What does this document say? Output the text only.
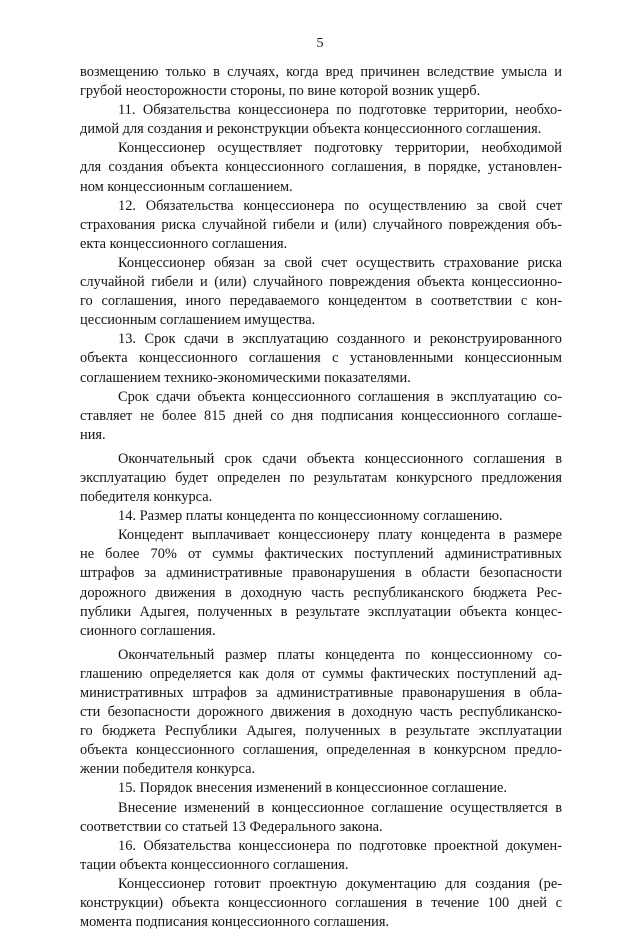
5
возмещению только в случаях, когда вред причинен вследствие умысла и
грубой неосторожности стороны, по вине которой возник ущерб.
11. Обязательства концессионера по подготовке территории, необхо-
димой для создания и реконструкции объекта концессионного соглашения.
Концессионер осуществляет подготовку территории, необходимой
для создания объекта концессионного соглашения, в порядке, установлен-
ном концессионным соглашением.
12. Обязательства концессионера по осуществлению за свой счет
страхования риска случайной гибели и (или) случайного повреждения объ-
екта концессионного соглашения.
Концессионер обязан за свой счет осуществить страхование риска
случайной гибели и (или) случайного повреждения объекта концессионно-
го соглашения, иного передаваемого концедентом в соответствии с кон-
цессионным соглашением имущества.
13. Срок сдачи в эксплуатацию созданного и реконструированного
объекта концессионного соглашения с установленными концессионным
соглашением технико-экономическими показателями.
Срок сдачи объекта концессионного соглашения в эксплуатацию со-
ставляет не более 815 дней со дня подписания концессионного соглаше-
ния.
Окончательный срок сдачи объекта концессионного соглашения в
эксплуатацию будет определен по результатам конкурсного предложения
победителя конкурса.
14. Размер платы концедента по концессионному соглашению.
Концедент выплачивает концессионеру плату концедента в размере
не более 70% от суммы фактических поступлений административных
штрафов за административные правонарушения в области безопасности
дорожного движения в доходную часть республиканского бюджета Рес-
публики Адыгея, полученных в результате эксплуатации объекта концес-
сионного соглашения.
Окончательный размер платы концедента по концессионному со-
глашению определяется как доля от суммы фактических поступлений ад-
министративных штрафов за административные правонарушения в обла-
сти безопасности дорожного движения в доходную часть республиканско-
го бюджета Республики Адыгея, полученных в результате эксплуатации
объекта концессионного соглашения, определенная в конкурсном предло-
жении победителя конкурса.
15. Порядок внесения изменений в концессионное соглашение.
Внесение изменений в концессионное соглашение осуществляется в
соответствии со статьей 13 Федерального закона.
16. Обязательства концессионера по подготовке проектной докумен-
тации объекта концессионного соглашения.
Концессионер готовит проектную документацию для создания (ре-
конструкции) объекта концессионного соглашения в течение 100 дней с
момента подписания концессионного соглашения.
